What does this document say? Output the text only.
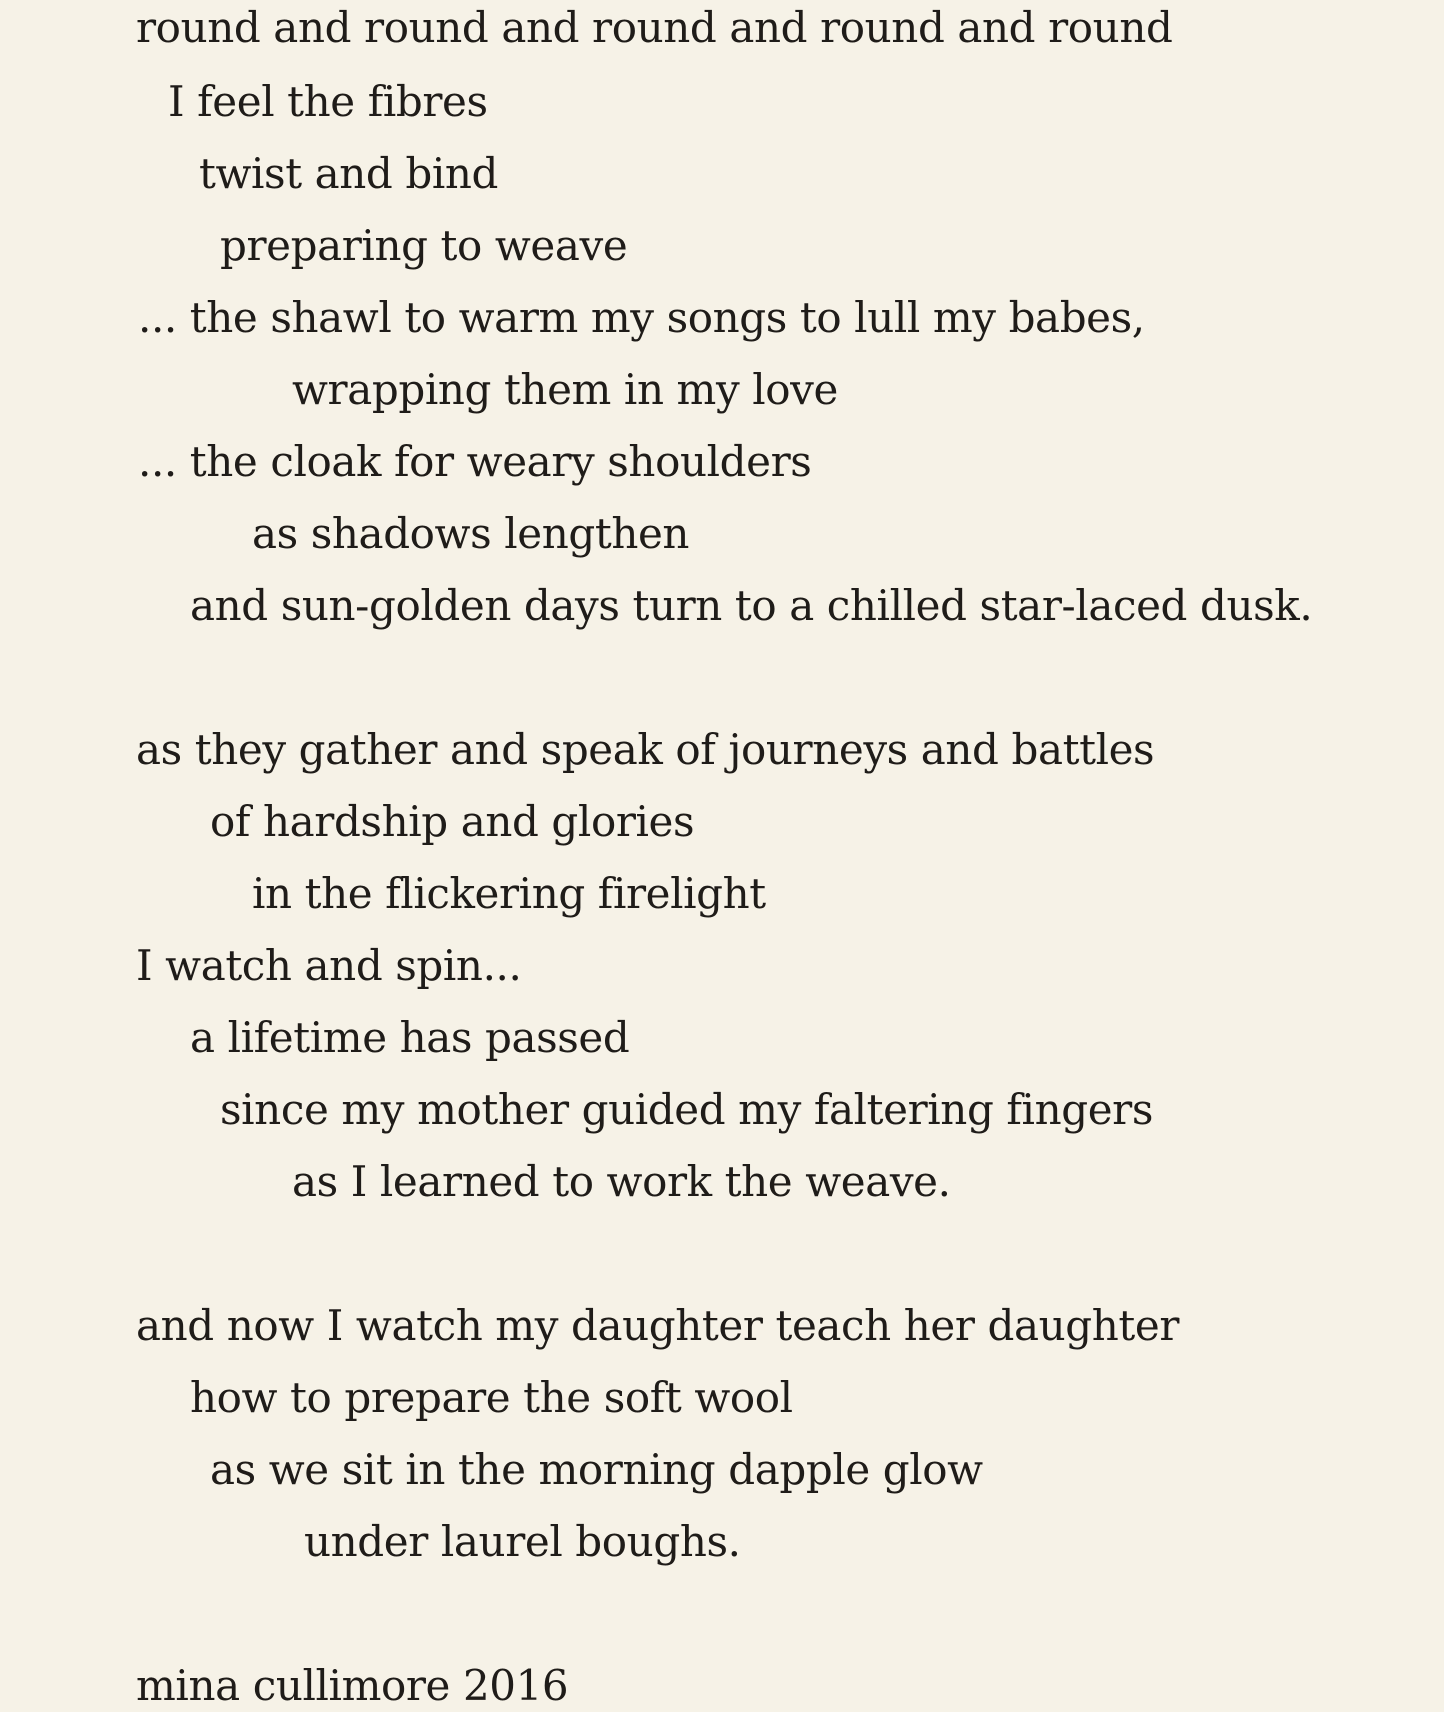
round and round and round and round and round

I feel the fibres

twist and bind

preparing to weave

... the shawl to warm my songs to lull my babes,

wrapping them in my love

... the cloak for weary shoulders

as shadows lengthen

and sun-golden days turn to a chilled star-laced dusk.

as they gather and speak of journeys and battles

of hardship and glories

in the flickering firelight

I watch and spin...

a lifetime has passed

since my mother guided my faltering fingers

as I learned to work the weave.

and now I watch my daughter teach her daughter

how to prepare the soft wool

as we sit in the morning dapple glow

under laurel boughs.

mina cullimore 2016
